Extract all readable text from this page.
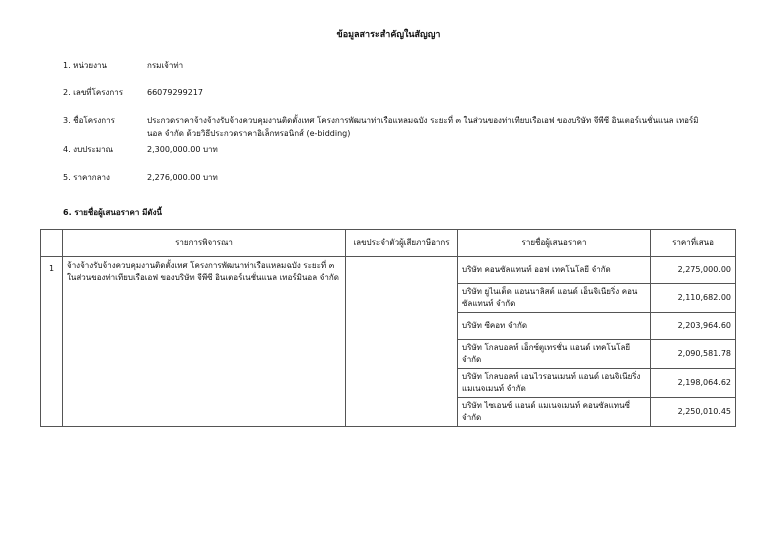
ข้อมูลสาระสำคัญในสัญญา
1. หน่วยงาน	กรมเจ้าท่า
2. เลขที่โครงการ	66079299217
3. ชื่อโครงการ	ประกวดราคาจ้างจ้างรับจ้างควบคุมงานติดตั้งเทศ โครงการพัฒนาท่าเรือแหลมฉบัง ระยะที่ ๓ ในส่วนของท่าเทียบเรือเอฟ ของบริษัท จีพีซี อินเตอร์เนชั่นแนล เทอร์มินอล จำกัด ด้วยวิธีประกวดราคาอิเล็กทรอนิกส์ (e-bidding)
4. งบประมาณ	2,300,000.00 บาท
5. ราคากลาง	2,276,000.00 บาท
6. รายชื่อผู้เสนอราคา มีดังนี้
	รายการพิจารณา	เลขประจำตัวผู้เสียภาษีอากร	รายชื่อผู้เสนอราคา	ราคาที่เสนอ
1	จ้างจ้างรับจ้างควบคุมงานติดตั้งเทศ โครงการพัฒนาท่าเรือแหลมฉบัง ระยะที่ ๓ ในส่วนของท่าเทียบเรือเอฟ ของบริษัท จีพีซี อินเตอร์เนชั่นแนล เทอร์มินอล จำกัด		บริษัท คอนซัลแทนท์ ออฟ เทคโนโลยี จำกัด	2,275,000.00
			บริษัท ยูไนเต็ด แอนนาลิสต์ แอนด์ เอ็นจิเนียริ่ง คอนซัลแทนท์ จำกัด	2,110,682.00
			บริษัท ซีคอท จำกัด	2,203,964.60
			บริษัท โกลบอลท์ เอ็กซ์ตูเทรชั่น แอนด์ เทคโนโลยี จำกัด	2,090,581.78
			บริษัท โกลบอลท์ เอนไวรอนเมนท์ แอนด์ เอนจิเนียริ่ง แมเนจเมนท์ จำกัด	2,198,064.62
			บริษัท ไซเอนซ์ แอนด์ แมเนจเมนท์ คอนซัลแทนซี่ จำกัด	2,250,010.45
